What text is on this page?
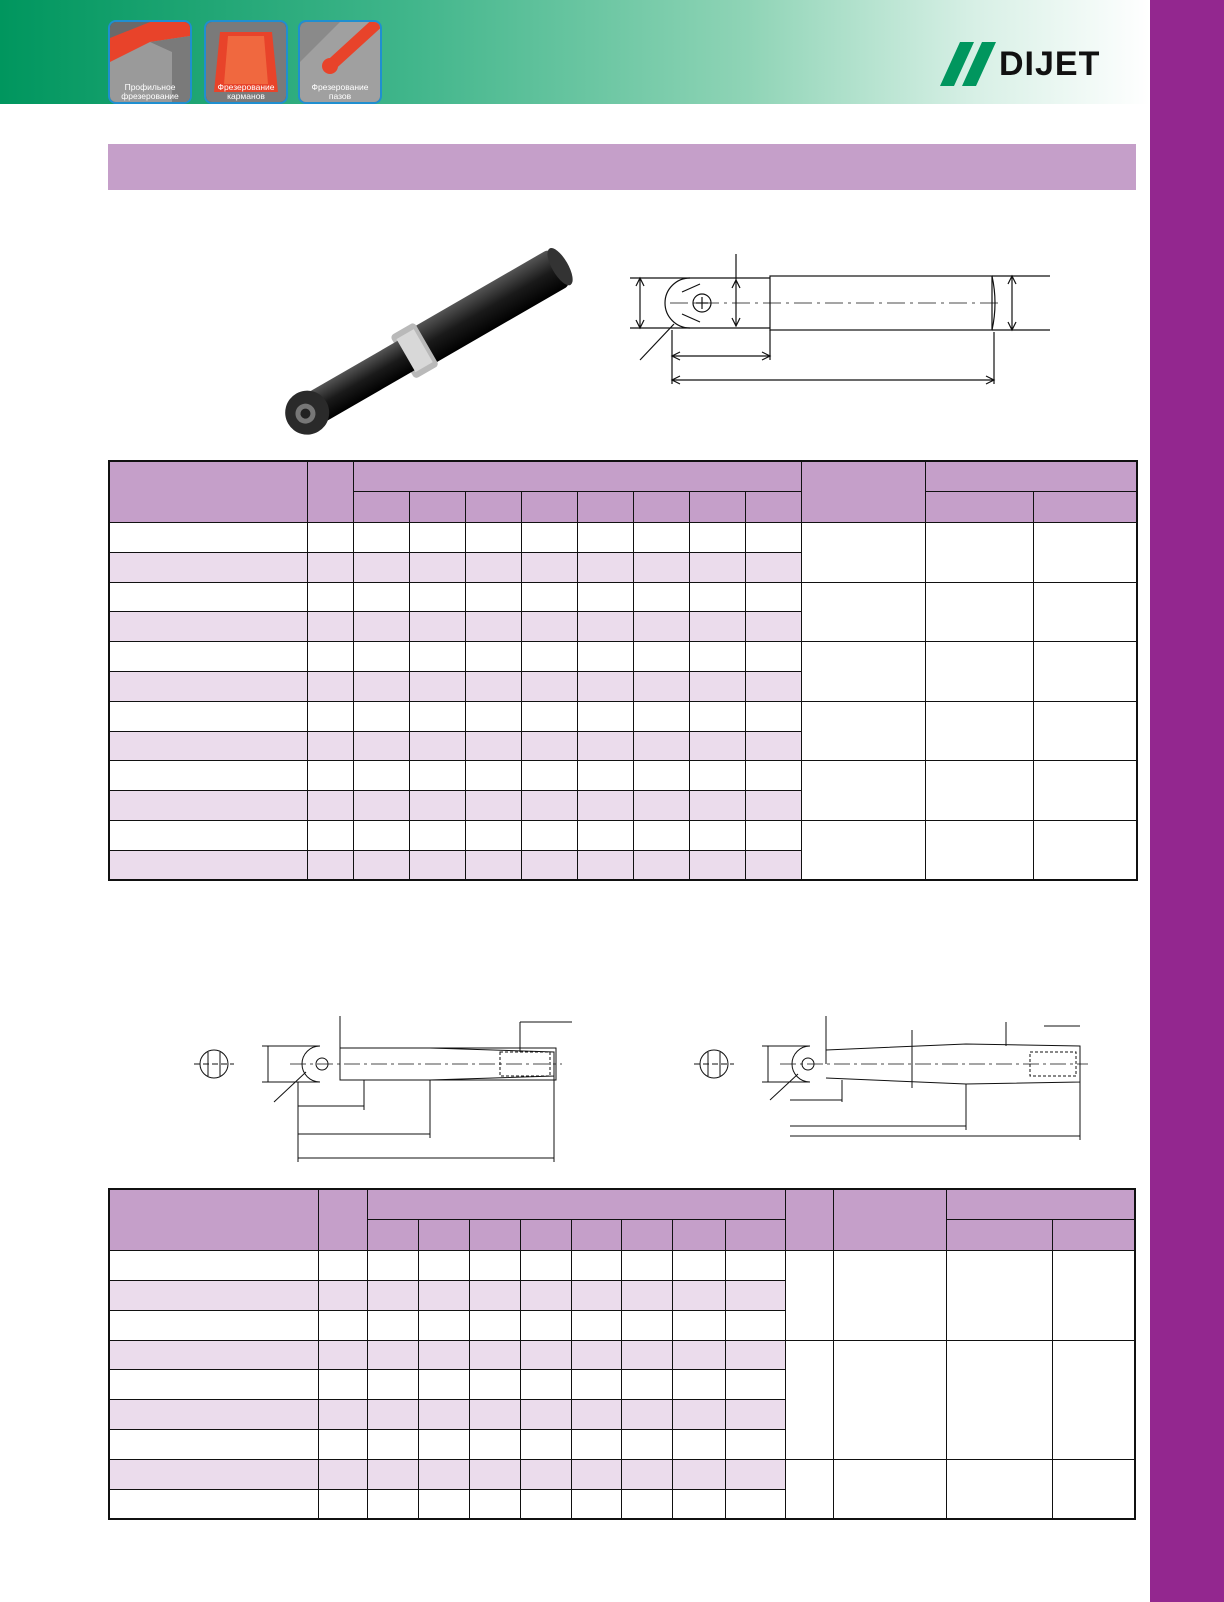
Профильное
фрезерование
Фрезерование
карманов
Фрезерование
пазов
DIJET
